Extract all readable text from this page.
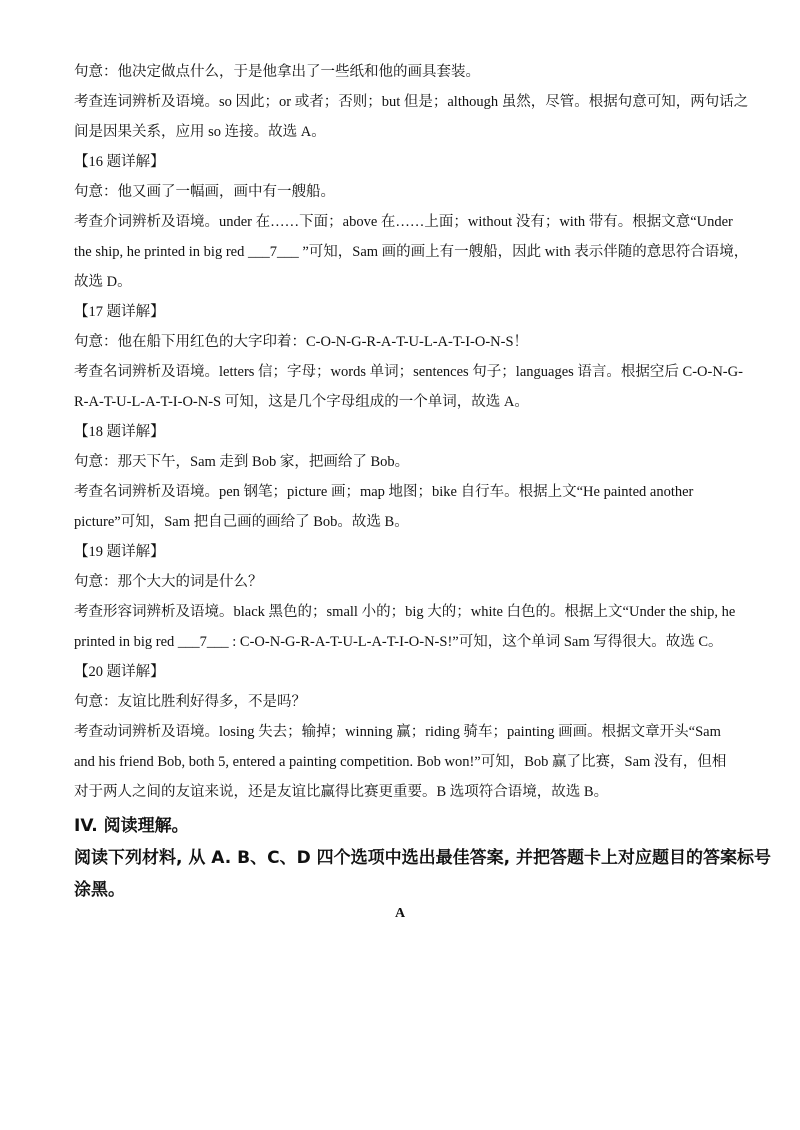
句意：他决定做点什么，于是他拿出了一些纸和他的画具套装。
考查连词辨析及语境。so 因此；or 或者；否则；but 但是；although 虽然，尽管。根据句意可知，两句话之
间是因果关系，应用 so 连接。故选 A。
【16 题详解】
句意：他又画了一幅画，画中有一艘船。
考查介词辨析及语境。under 在……下面；above 在……上面；without 没有；with 带有。根据文意“Under
the ship, he printed in big red ___7___ ”可知，Sam 画的画上有一艘船，因此 with 表示伴随的意思符合语境，
故选 D。
【17 题详解】
句意：他在船下用红色的大字印着：C-O-N-G-R-A-T-U-L-A-T-I-O-N-S！
考查名词辨析及语境。letters 信；字母；words 单词；sentences 句子；languages 语言。根据空后 C-O-N-G-
R-A-T-U-L-A-T-I-O-N-S 可知，这是几个字母组成的一个单词，故选 A。
【18 题详解】
句意：那天下午，Sam 走到 Bob 家，把画给了 Bob。
考查名词辨析及语境。pen 钢笔；picture 画；map 地图；bike 自行车。根据上文“He painted another
picture”可知，Sam 把自己画的画给了 Bob。故选 B。
【19 题详解】
句意：那个大大的词是什么？
考查形容词辨析及语境。black 黑色的；small 小的；big 大的；white 白色的。根据上文“Under the ship, he
printed in big red ___7___ : C-O-N-G-R-A-T-U-L-A-T-I-O-N-S!”可知，这个单词 Sam 写得很大。故选 C。
【20 题详解】
句意：友谊比胜利好得多，不是吗？
考查动词辨析及语境。losing 失去；输掉；winning 赢；riding 骑车；painting 画画。根据文章开头“Sam
and his friend Bob, both 5, entered a painting competition. Bob won!”可知，Bob 赢了比赛，Sam 没有，但相
对于两人之间的友谊来说，还是友谊比赢得比赛更重要。B 选项符合语境，故选 B。
IV. 阅读理解。
阅读下列材料, 从 A. B、C、D 四个选项中选出最佳答案, 并把答题卡上对应题目的答案标号
涂黑。
A
